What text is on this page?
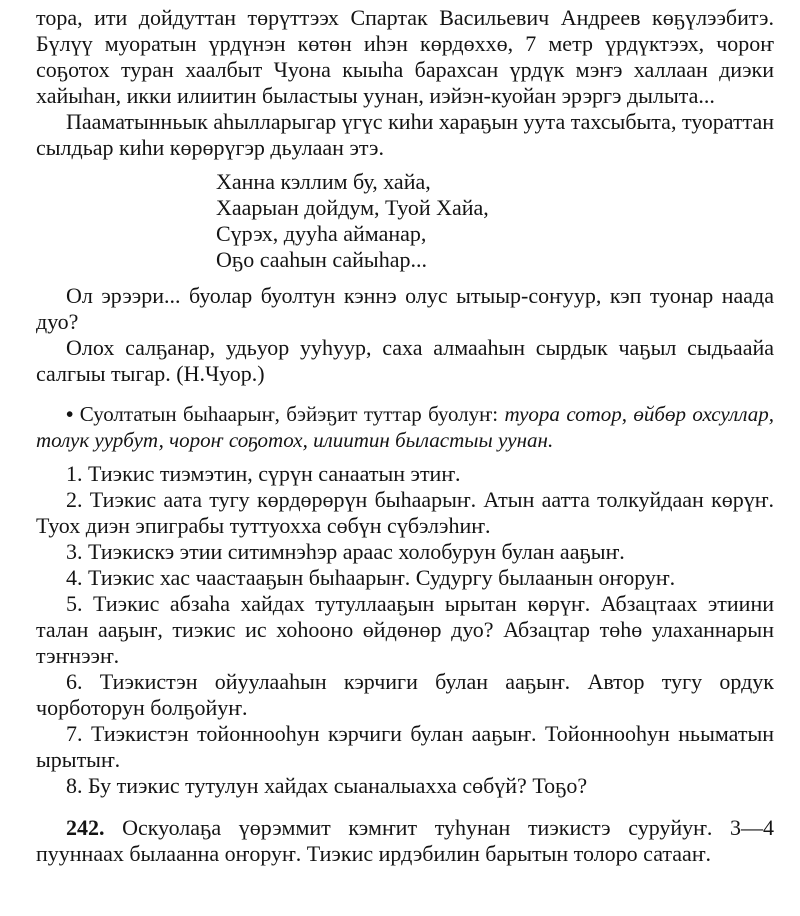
тора, ити дойдуттан төрүттээх Спартак Васильевич Андреев көҕүлээбитэ. Бүлүү муоратын үрдүнэн көтөн иһэн көрдөххө, 7 метр үрдүктээх, чороҥ соҕотох туран хаалбыт Чуона кыыһа барахсан үрдүк мэҥэ халлаан диэки хайыһан, икки илиитин быластыы уунан, иэйэн-куойан эрэргэ дылыта...

Пааматынньык аһылларыгар үгүс киһи хараҕын уута тахсыбыта, туораттан сылдьар киһи көрөрүгэр дьулаан этэ.

Ханна кэллим бу, хайа,
Хаарыан дойдум, Туой Хайа,
Сүрэх, дууһа айманар,
Оҕо сааһын сайыһар...

Ол эрээри... буолар буолтун кэннэ олус ытыыр-соҥуур, кэп туонар наада дуо?

Олох салҕанар, удьуор ууһуур, саха алмааһын сырдык чаҕыл сыдьаайа салгыы тыгар. (Н.Чуор.)

• Суолтатын быһаарыҥ, бэйэҕит туттар буолуҥ: туора сотор, өйбөр охсуллар, толук уурбут, чороҥ соҕотох, илиитин быластыы уунан.

1. Тиэкис тиэмэтин, сүрүн санаатын этиҥ.

2. Тиэкис аата тугу көрдөрөрүн быһаарыҥ. Атын аатта толкуйдаан көрүҥ. Туох диэн эпиграбы туттуохха сөбүн сүбэлэһиҥ.

3. Тиэкискэ этии ситимнэһэр араас холобурун булан ааҕыҥ.

4. Тиэкис хас чаастааҕын быһаарыҥ. Судургу былаанын оҥоруҥ.

5. Тиэкис абзаһа хайдах тутуллааҕын ырытан көрүҥ. Абзацтаах этиини талан ааҕыҥ, тиэкис ис хоһооно өйдөнөр дуо? Абзацтар төһө улаханнарын тэҥнээҥ.

6. Тиэкистэн ойуулааһын кэрчиги булан ааҕыҥ. Автор тугу ордук чорботорун болҕойуҥ.

7. Тиэкистэн тойоннооһун кэрчиги булан ааҕыҥ. Тойоннооһун ньыматын ырытыҥ.

8. Бу тиэкис тутулун хайдах сыаналыахха сөбүй? Тоҕо?

242. Оскуолаҕа үөрэммит кэмҥит туһунан тиэкистэ суруйуҥ. 3—4 пууннаах былаанна оҥоруҥ. Тиэкис ирдэбилин барытын толоро сатааҥ.
